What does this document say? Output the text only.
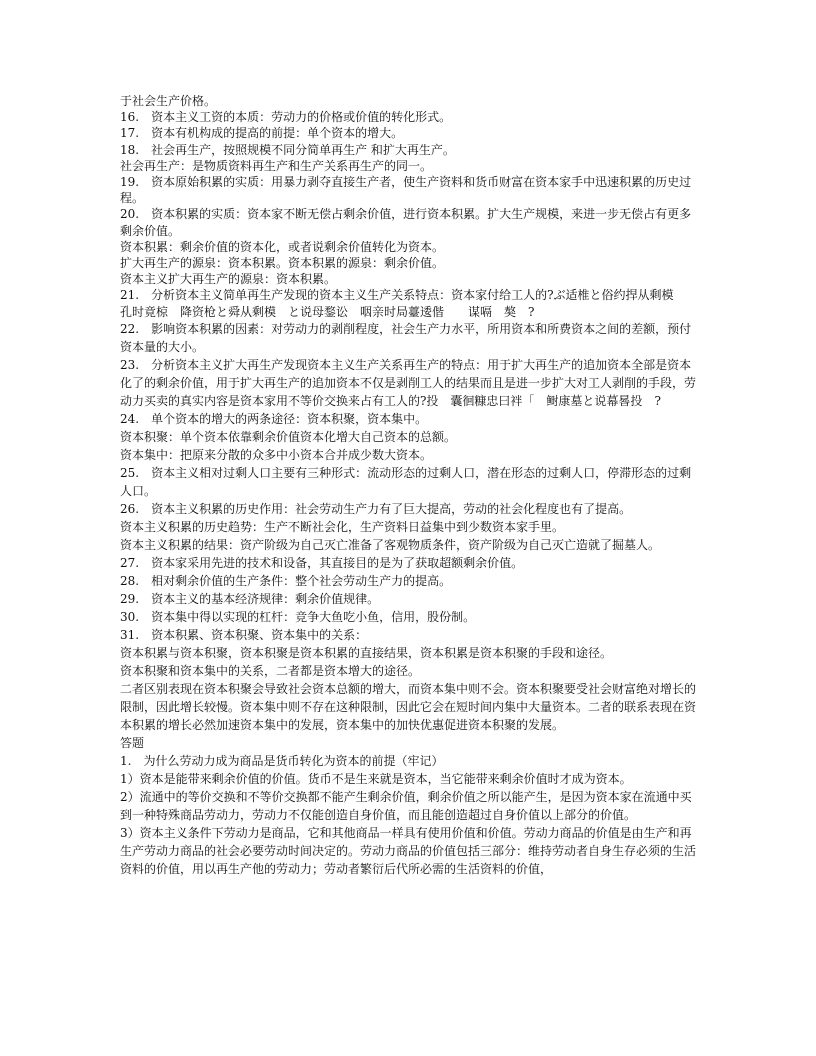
于社会生产价格。

16.　资本主义工资的本质：劳动力的价格或价值的转化形式。

17.　资本有机构成的提高的前提：单个资本的增大。

18.　社会再生产，按照规模不同分简单再生产 和扩大再生产。

社会再生产：是物质资料再生产和生产关系再生产的同一。

19.　资本原始积累的实质：用暴力剥夺直接生产者，使生产资料和货币财富在资本家手中迅速积累的历史过程。

20.　资本积累的实质：资本家不断无偿占剩余价值，进行资本积累。扩大生产规模，来进一步无偿占有更多剩余价值。

资本积累：剩余价值的资本化，或者说剩余价值转化为资本。

扩大再生产的源泉：资本积累。资本积累的源泉：剩余价值。

资本主义扩大再生产的源泉：资本积累。

21.　分析资本主义简单再生产发现的资本主义生产关系特点：资本家付给工人的?ぶ适椎と俗约捍从剩模　　孔时竟椋　降资枪と舜从剩模　と说母鍪讼　咽亲时局薹逶偕　　谋嗝　獒　?

22.　影响资本积累的因素：对劳动力的剥削程度，社会生产力水平，所用资本和所费资本之间的差额，预付资本量的大小。

23.　分析资本主义扩大再生产发现资本主义生产关系再生产的特点：用于扩大再生产的追加资本全部是资本化了的剩余价值，用于扩大再生产的追加资本不仅是剥削工人的结果而且是进一步扩大对工人剥削的手段，劳动力买卖的真实内容是资本家用不等价交换来占有工人的?投　囊徊糠忠曰袢「　鲥康墓と说幕晷投　?

24.　单个资本的增大的两条途径：资本积聚，资本集中。

资本积聚：单个资本依靠剩余价值资本化增大自己资本的总额。

资本集中：把原来分散的众多中小资本合并成少数大资本。

25.　资本主义相对过剩人口主要有三种形式：流动形态的过剩人口，潜在形态的过剩人口，停滞形态的过剩人口。

26.　资本主义积累的历史作用：社会劳动生产力有了巨大提高，劳动的社会化程度也有了提高。

资本主义积累的历史趋势：生产不断社会化，生产资料日益集中到少数资本家手里。

资本主义积累的结果：资产阶级为自己灭亡准备了客观物质条件，资产阶级为自己灭亡造就了掘墓人。

27.　资本家采用先进的技术和设备，其直接目的是为了获取超额剩余价值。

28.　相对剩余价值的生产条件：整个社会劳动生产力的提高。

29.　资本主义的基本经济规律：剩余价值规律。

30.　资本集中得以实现的杠杆：竞争大鱼吃小鱼，信用，股份制。

31.　资本积累、资本积聚、资本集中的关系：

资本积累与资本积聚，资本积聚是资本积累的直接结果，资本积累是资本积聚的手段和途径。

资本积聚和资本集中的关系，二者都是资本增大的途径。

二者区别表现在资本积聚会导致社会资本总额的增大，而资本集中则不会。资本积聚要受社会财富绝对增长的限制，因此增长较慢。资本集中则不存在这种限制，因此它会在短时间内集中大量资本。二者的联系表现在资本积累的增长必然加速资本集中的发展，资本集中的加快优惠促进资本积聚的发展。

答题

1.　为什么劳动力成为商品是货币转化为资本的前提（牢记）

1）资本是能带来剩余价值的价值。货币不是生来就是资本，当它能带来剩余价值时才成为资本。

2）流通中的等价交换和不等价交换都不能产生剩余价值，剩余价值之所以能产生，是因为资本家在流通中买到一种特殊商品劳动力，劳动力不仅能创造自身价值，而且能创造超过自身价值以上部分的价值。

3）资本主义条件下劳动力是商品，它和其他商品一样具有使用价值和价值。劳动力商品的价值是由生产和再生产劳动力商品的社会必要劳动时间决定的。劳动力商品的价值包括三部分：维持劳动者自身生存必须的生活资料的价值，用以再生产他的劳动力；劳动者繁衍后代所必需的生活资料的价值，
